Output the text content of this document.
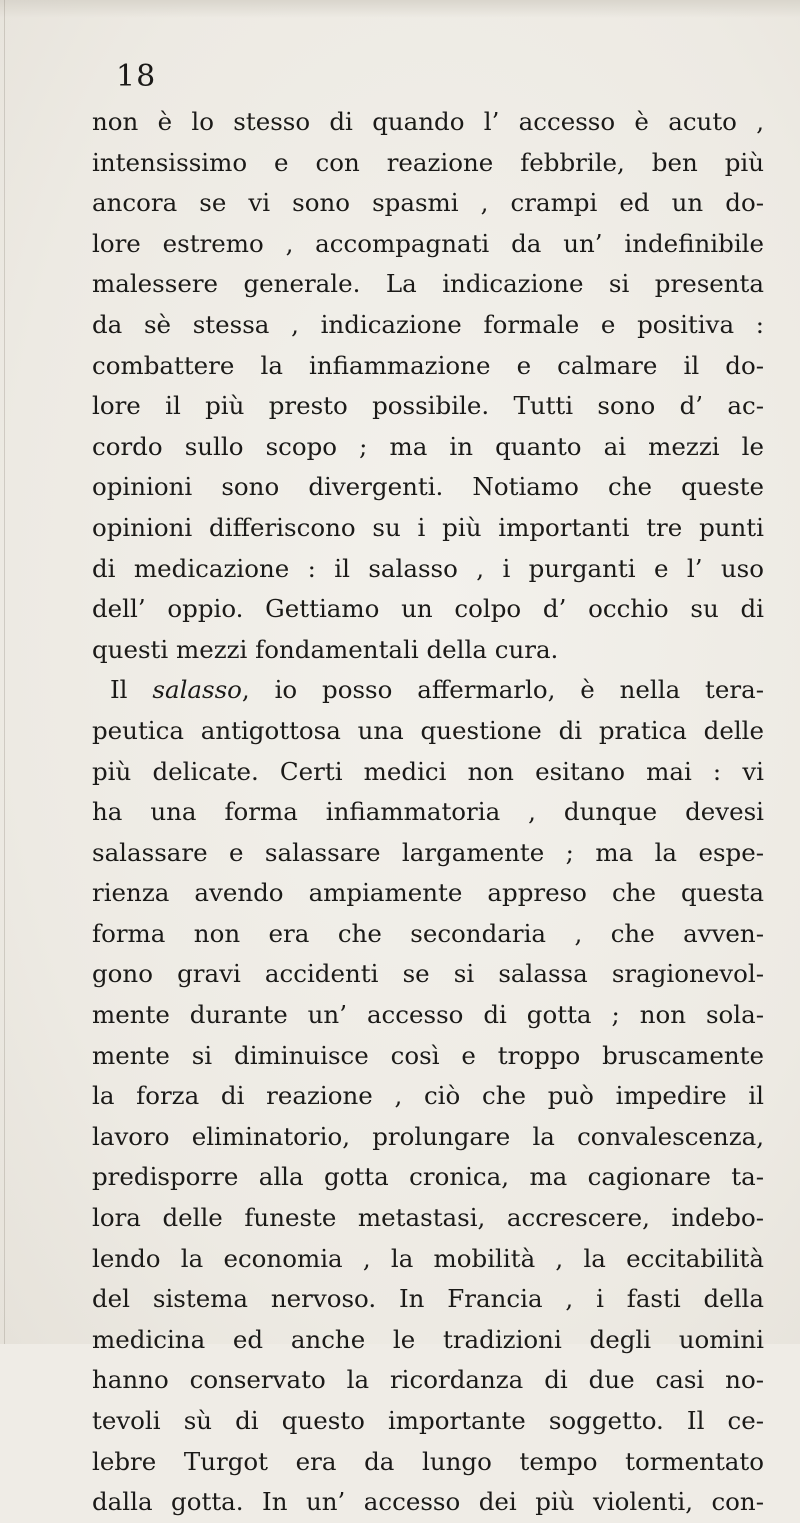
18
non è lo stesso di quando l’ accesso è acuto ,
intensissimo e con reazione febbrile, ben più
ancora se vi sono spasmi , crampi ed un do-
lore estremo , accompagnati da un’ indefinibile
malessere generale. La indicazione si presenta
da sè stessa , indicazione formale e positiva :
combattere la infiammazione e calmare il do-
lore il più presto possibile. Tutti sono d’ ac-
cordo sullo scopo ; ma in quanto ai mezzi le
opinioni sono divergenti. Notiamo che queste
opinioni differiscono su i più importanti tre punti
di medicazione : il salasso , i purganti e l’ uso
dell’ oppio. Gettiamo un colpo d’ occhio su di
questi mezzi fondamentali della cura.
Il salasso, io posso affermarlo, è nella tera-
peutica antigottosa una questione di pratica delle
più delicate. Certi medici non esitano mai : vi
ha una forma infiammatoria , dunque devesi
salassare e salassare largamente ; ma la espe-
rienza avendo ampiamente appreso che questa
forma non era che secondaria , che avven-
gono gravi accidenti se si salassa sragionevol-
mente durante un’ accesso di gotta ; non sola-
mente si diminuisce così e troppo bruscamente
la forza di reazione , ciò che può impedire il
lavoro eliminatorio, prolungare la convalescenza,
predisporre alla gotta cronica, ma cagionare ta-
lora delle funeste metastasi, accrescere, indebo-
lendo la economia , la mobilità , la eccitabilità
del sistema nervoso. In Francia , i fasti della
medicina ed anche le tradizioni degli uomini
hanno conservato la ricordanza di due casi no-
tevoli sù di questo importante soggetto. Il ce-
lebre Turgot era da lungo tempo tormentato
dalla gotta. In un’ accesso dei più violenti, con-
